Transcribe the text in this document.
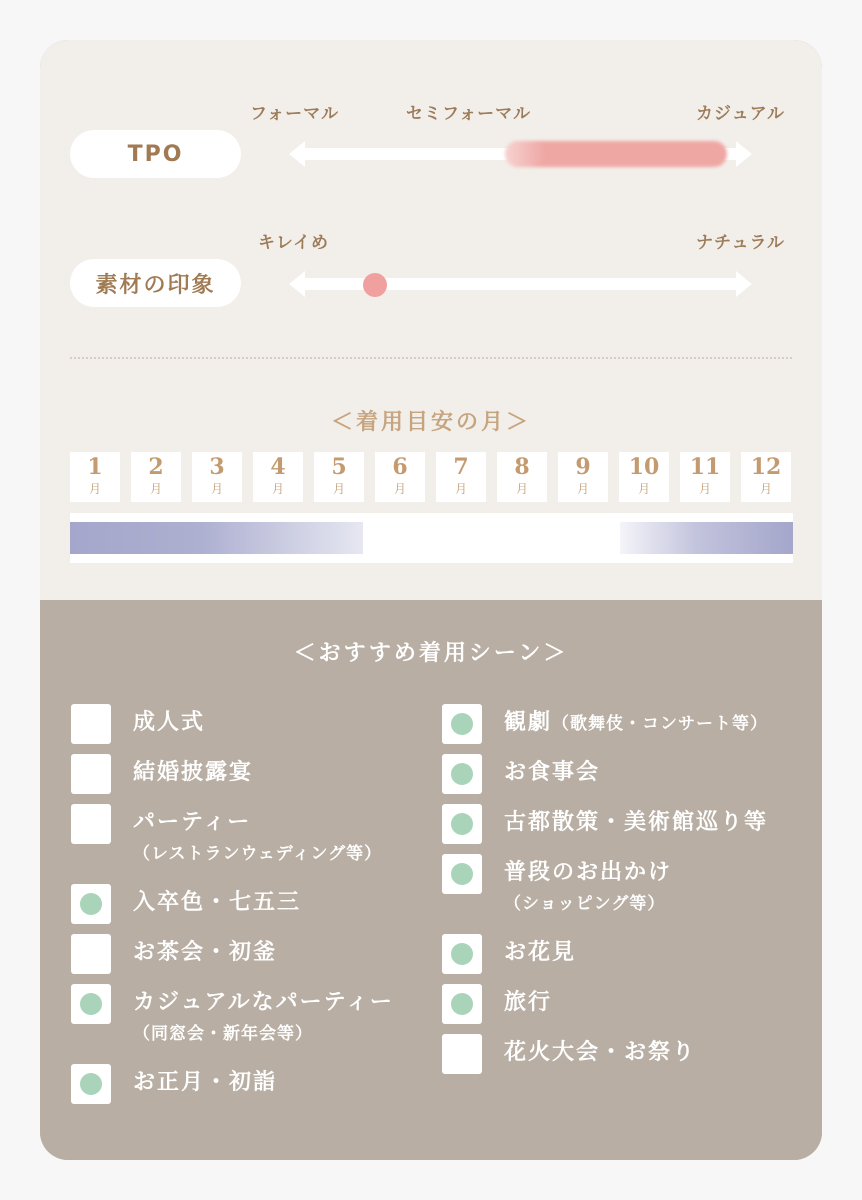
フォーマル	セミフォーマル	カジュアル
TPO
キレイめ	ナチュラル
素材の印象
＜着用目安の月＞
1
月
2
月
3
月
4
月
5
月
6
月
7
月
8
月
9
月
10
月
11
月
12
月
＜おすすめ着用シーン＞
成人式
結婚披露宴
パーティー
（レストランウェディング等）
入卒色・七五三
お茶会・初釜
カジュアルなパーティー
（同窓会・新年会等）
お正月・初詣
観劇（歌舞伎・コンサート等）
お食事会
古都散策・美術館巡り等
普段のお出かけ
（ショッピング等）
お花見
旅行
花火大会・お祭り
